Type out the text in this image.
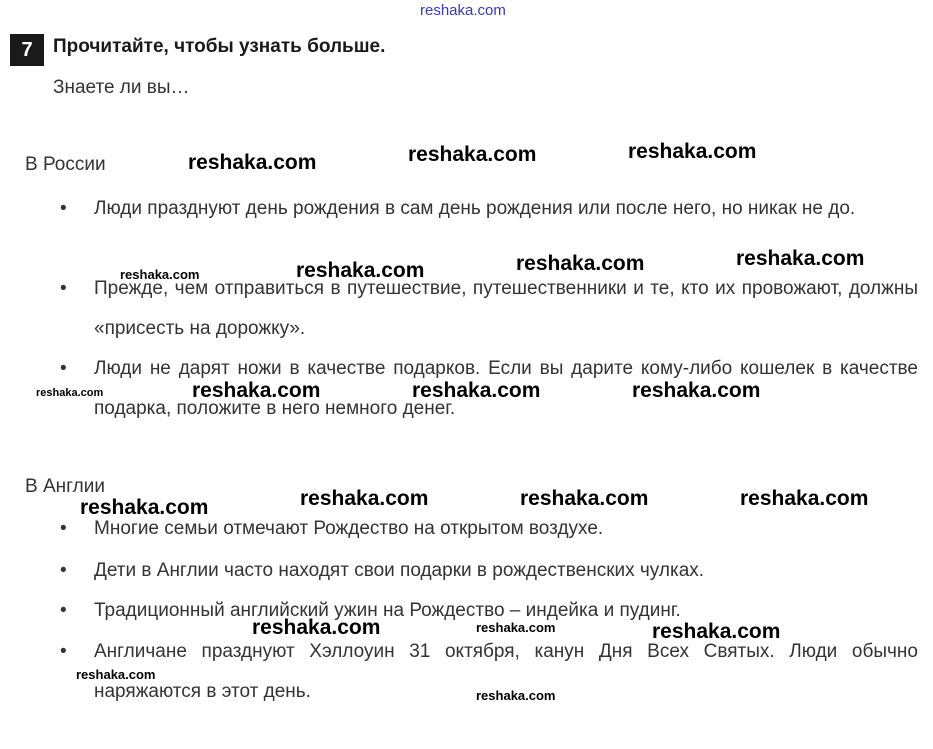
reshaka.com
7	Прочитайте, чтобы узнать больше.
Знаете ли вы…
В России
• Люди празднуют день рождения в сам день рождения или после него, но никак не до.
• Прежде, чем отправиться в путешествие, путешественники и те, кто их провожают, должны «присесть на дорожку».
• Люди не дарят ножи в качестве подарков. Если вы дарите кому-либо кошелек в качестве подарка, положите в него немного денег.
В Англии
• Многие семьи отмечают Рождество на открытом воздухе.
• Дети в Англии часто находят свои подарки в рождественских чулках.
• Традиционный английский ужин на Рождество – индейка и пудинг.
• Англичане празднуют Хэллоуин 31 октября, канун Дня Всех Святых. Люди обычно наряжаются в этот день.
reshaka.com	reshaka.com	reshaka.com
reshaka.com	reshaka.com	reshaka.com	reshaka.com
reshaka.com	reshaka.com	reshaka.com	reshaka.com
reshaka.com	reshaka.com	reshaka.com	reshaka.com
reshaka.com	reshaka.com	reshaka.com
reshaka.com
reshaka.com
